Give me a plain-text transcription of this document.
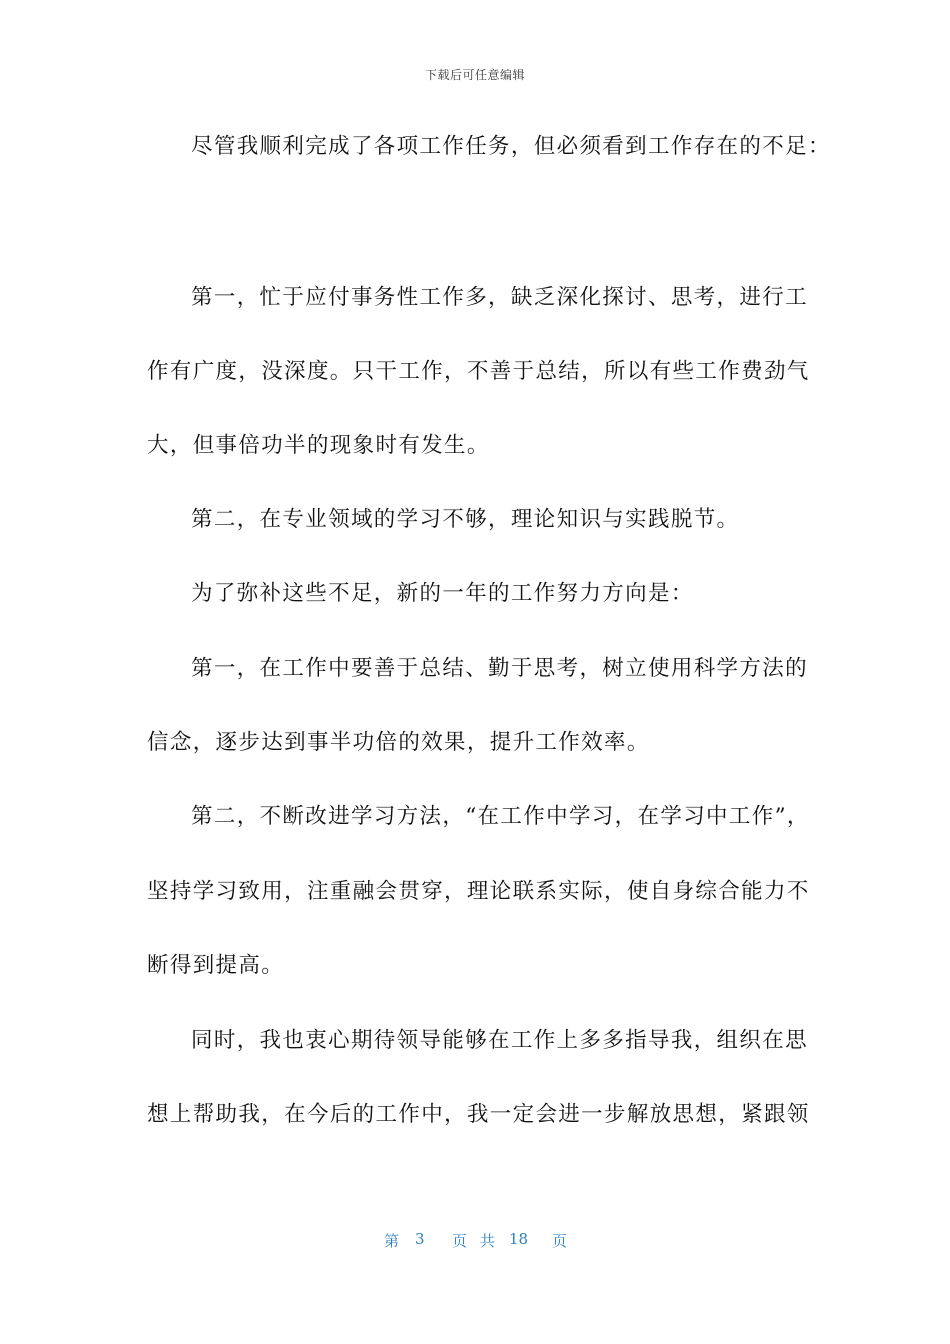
下载后可任意编辑
尽管我顺利完成了各项工作任务，但必须看到工作存在的不足：
第一，忙于应付事务性工作多，缺乏深化探讨、思考，进行工
作有广度，没深度。只干工作，不善于总结，所以有些工作费劲气
大，但事倍功半的现象时有发生。
第二，在专业领域的学习不够，理论知识与实践脱节。
为了弥补这些不足，新的一年的工作努力方向是：
第一，在工作中要善于总结、勤于思考，树立使用科学方法的
信念，逐步达到事半功倍的效果，提升工作效率。
第二，不断改进学习方法，“在工作中学习，在学习中工作”，
坚持学习致用，注重融会贯穿，理论联系实际，使自身综合能力不
断得到提高。
同时，我也衷心期待领导能够在工作上多多指导我，组织在思
想上帮助我，在今后的工作中，我一定会进一步解放思想，紧跟领
第 3 页 共 18 页
